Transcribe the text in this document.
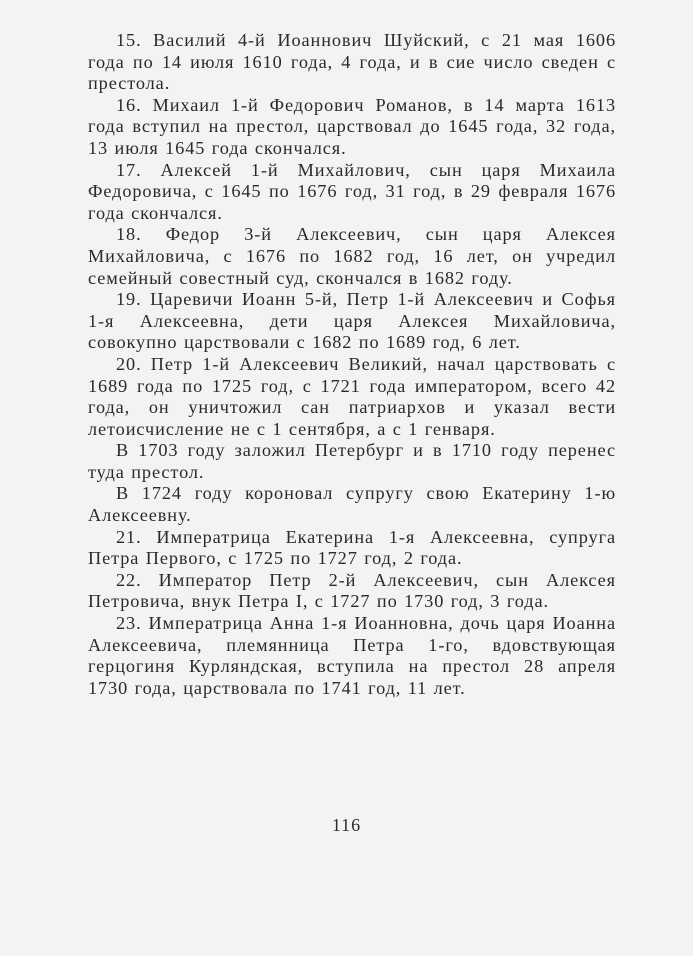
15. Василий 4-й Иоаннович Шуйский, с 21 мая 1606 года по 14 июля 1610 года, 4 года, и в сие число сведен с престола.

16. Михаил 1-й Федорович Романов, в 14 марта 1613 года вступил на престол, царствовал до 1645 года, 32 года, 13 июля 1645 года скончался.

17. Алексей 1-й Михайлович, сын царя Михаила Федоровича, с 1645 по 1676 год, 31 год, в 29 февраля 1676 года скончался.

18. Федор 3-й Алексеевич, сын царя Алексея Михайловича, с 1676 по 1682 год, 16 лет, он учредил семейный совестный суд, скончался в 1682 году.

19. Царевичи Иоанн 5-й, Петр 1-й Алексеевич и Софья 1-я Алексеевна, дети царя Алексея Михайловича, совокупно царствовали с 1682 по 1689 год, 6 лет.

20. Петр 1-й Алексеевич Великий, начал царствовать с 1689 года по 1725 год, с 1721 года императором, всего 42 года, он уничтожил сан патриархов и указал вести летоисчисление не с 1 сентября, а с 1 генваря.

В 1703 году заложил Петербург и в 1710 году перенес туда престол.

В 1724 году короновал супругу свою Екатерину 1-ю Алексеевну.

21. Императрица Екатерина 1-я Алексеевна, супруга Петра Первого, с 1725 по 1727 год, 2 года.

22. Император Петр 2-й Алексеевич, сын Алексея Петровича, внук Петра I, с 1727 по 1730 год, 3 года.

23. Императрица Анна 1-я Иоанновна, дочь царя Иоанна Алексеевича, племянница Петра 1-го, вдовствующая герцогиня Курляндская, вступила на престол 28 апреля 1730 года, царствовала по 1741 год, 11 лет.

116
